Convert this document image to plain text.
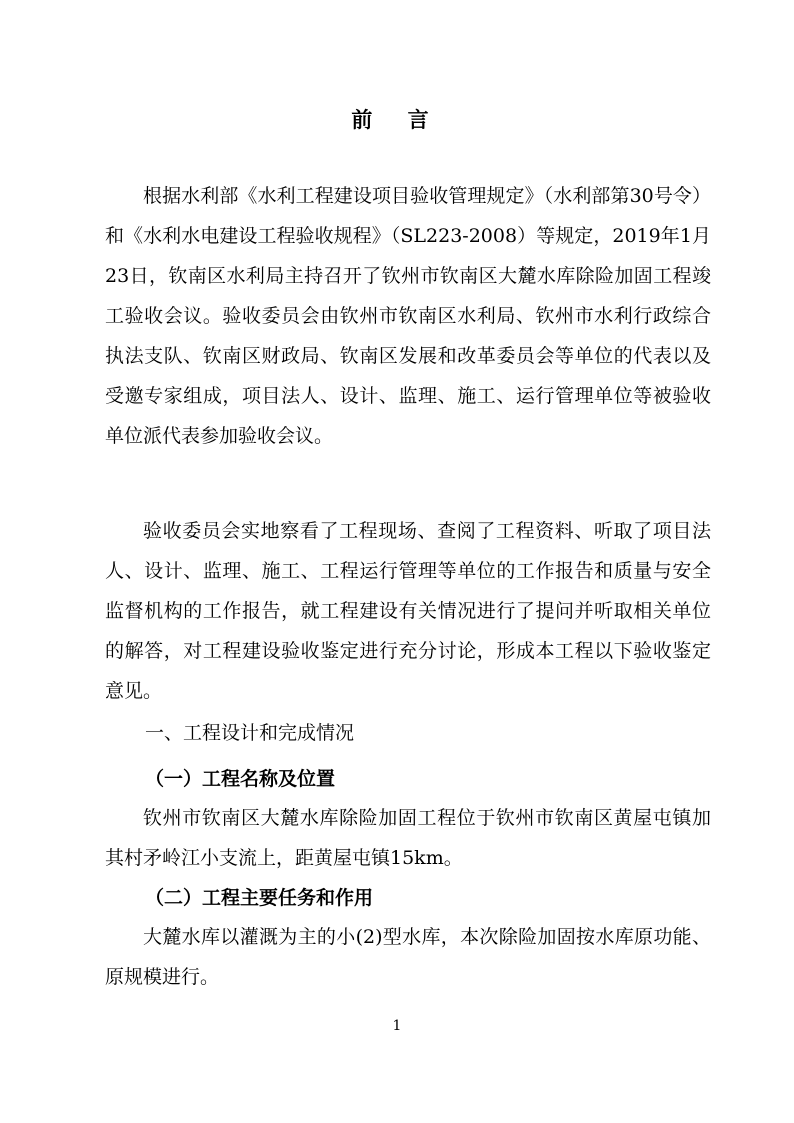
前 言

根据水利部《水利工程建设项目验收管理规定》（水利部第30号令）和《水利水电建设工程验收规程》（SL223-2008）等规定，2019年1月23日，钦南区水利局主持召开了钦州市钦南区大麓水库除险加固工程竣工验收会议。验收委员会由钦州市钦南区水利局、钦州市水利行政综合执法支队、钦南区财政局、钦南区发展和改革委员会等单位的代表以及受邀专家组成，项目法人、设计、监理、施工、运行管理单位等被验收单位派代表参加验收会议。

验收委员会实地察看了工程现场、查阅了工程资料、听取了项目法人、设计、监理、施工、工程运行管理等单位的工作报告和质量与安全监督机构的工作报告，就工程建设有关情况进行了提问并听取相关单位的解答，对工程建设验收鉴定进行充分讨论，形成本工程以下验收鉴定意见。

一、工程设计和完成情况
（一）工程名称及位置

钦州市钦南区大麓水库除险加固工程位于钦州市钦南区黄屋屯镇加其村矛岭江小支流上，距黄屋屯镇15km。

（二）工程主要任务和作用

大麓水库以灌溉为主的小(2)型水库，本次除险加固按水库原功能、原规模进行。

1
